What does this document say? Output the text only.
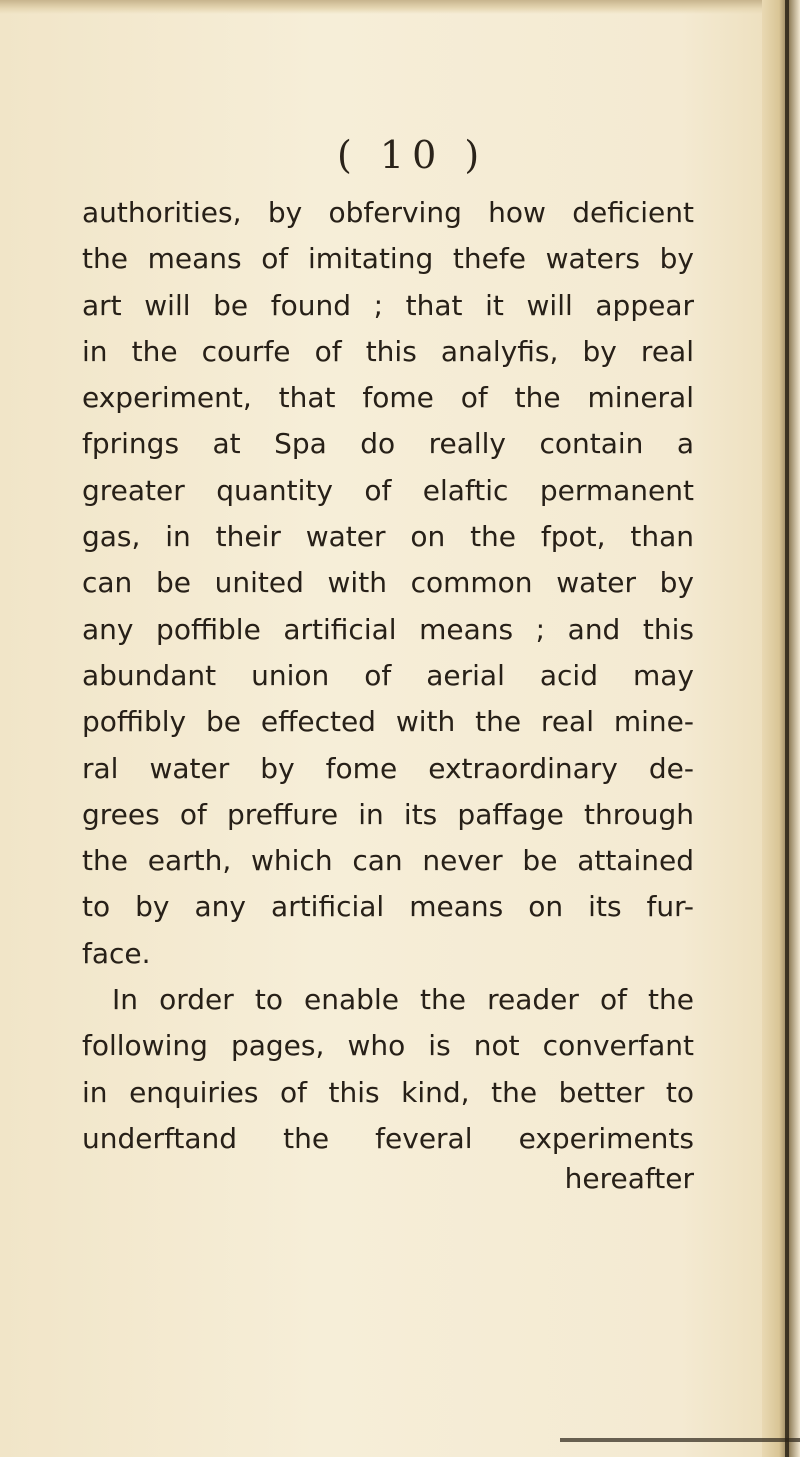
( 10 )

authorities, by obferving how deficient
the means of imitating thefe waters by
art will be found ; that it will appear
in the courfe of this analyfis, by real
experiment, that fome of the mineral
fprings at Spa do really contain a
greater quantity of elaftic permanent
gas, in their water on the fpot, than
can be united with common water by
any poffible artificial means ; and this
abundant union of aerial acid may
poffibly be effected with the real mine-
ral water by fome extraordinary de-
grees of preffure in its paffage through
the earth, which can never be attained
to by any artificial means on its fur-
face.
In order to enable the reader of the
following pages, who is not converfant
in enquiries of this kind, the better to
underftand the feveral experiments

hereafter
